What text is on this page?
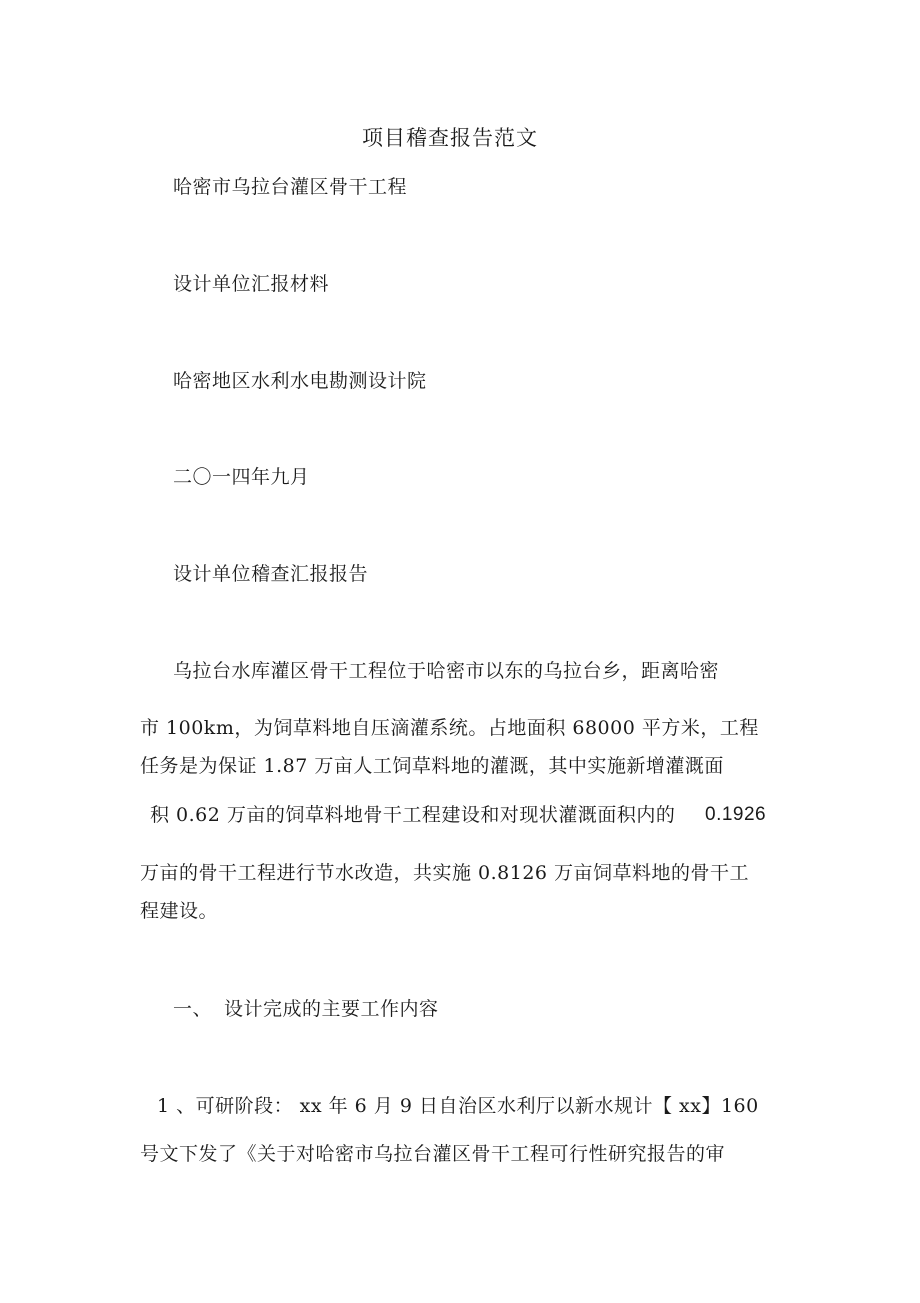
项目稽查报告范文
哈密市乌拉台灌区骨干工程
设计单位汇报材料
哈密地区水利水电勘测设计院
二〇一四年九月
设计单位稽查汇报报告
乌拉台水库灌区骨干工程位于哈密市以东的乌拉台乡，距离哈密
市 100km，为饲草料地自压滴灌系统。占地面积 68000 平方米，工程
任务是为保证 1.87 万亩人工饲草料地的灌溉，其中实施新增灌溉面
积 0.62 万亩的饲草料地骨干工程建设和对现状灌溉面积内的 0.1926
万亩的骨干工程进行节水改造，共实施 0.8126 万亩饲草料地的骨干工
程建设。
一、 设计完成的主要工作内容
1 、可研阶段： xx 年 6 月 9 日自治区水利厅以新水规计【 xx】160
号文下发了《关于对哈密市乌拉台灌区骨干工程可行性研究报告的审
